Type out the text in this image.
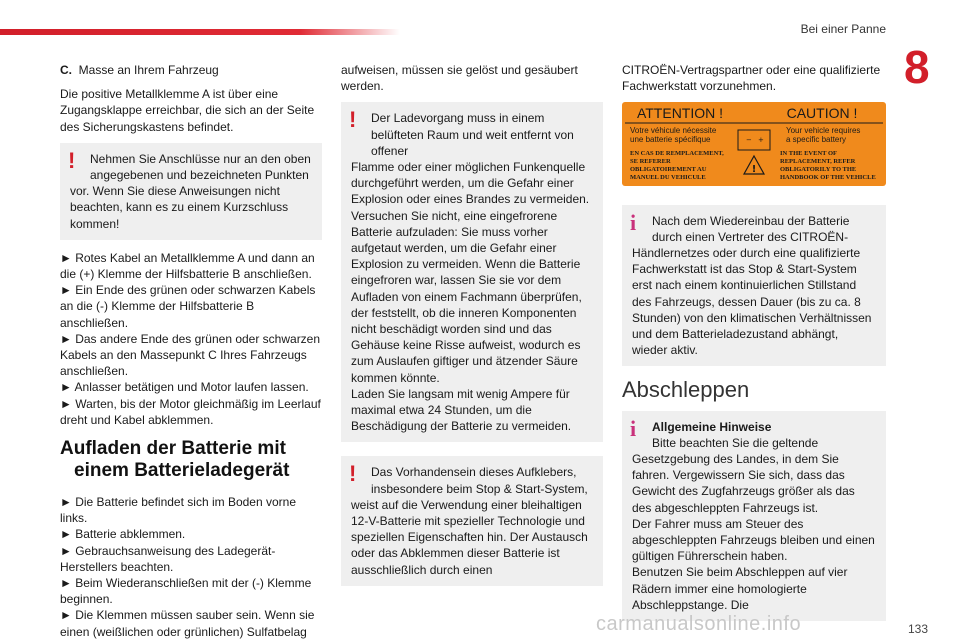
Bei einer Panne
8

C. Masse an Ihrem Fahrzeug

Die positive Metallklemme A ist über eine Zugangsklappe erreichbar, die sich an der Seite des Sicherungskastens befindet.

! Nehmen Sie Anschlüsse nur an den oben angegebenen und bezeichneten Punkten
vor. Wenn Sie diese Anweisungen nicht beachten, kann es zu einem Kurzschluss kommen!

► Rotes Kabel an Metallklemme A und dann an die (+) Klemme der Hilfsbatterie B anschließen.

► Ein Ende des grünen oder schwarzen Kabels an die (-) Klemme der Hilfsbatterie B anschließen.

► Das andere Ende des grünen oder schwarzen Kabels an den Massepunkt C Ihres Fahrzeugs anschließen.

► Anlasser betätigen und Motor laufen lassen.

► Warten, bis der Motor gleichmäßig im Leerlauf dreht und Kabel abklemmen.

Aufladen der Batterie mit
einem Batterieladegerät

► Die Batterie befindet sich im Boden vorne links.

► Batterie abklemmen.

► Gebrauchsanweisung des Ladegerät-Herstellers beachten.

► Beim Wiederanschließen mit der (-) Klemme beginnen.

► Die Klemmen müssen sauber sein. Wenn sie einen (weißlichen oder grünlichen) Sulfatbelag

aufweisen, müssen sie gelöst und gesäubert werden.

! Der Ladevorgang muss in einem belüfteten Raum und weit entfernt von offener
Flamme oder einer möglichen Funkenquelle durchgeführt werden, um die Gefahr einer Explosion oder eines Brandes zu vermeiden. Versuchen Sie nicht, eine eingefrorene Batterie aufzuladen: Sie muss vorher aufgetaut werden, um die Gefahr einer Explosion zu vermeiden. Wenn die Batterie eingefroren war, lassen Sie sie vor dem Aufladen von einem Fachmann überprüfen, der feststellt, ob die inneren Komponenten nicht beschädigt worden sind und das Gehäuse keine Risse aufweist, wodurch es zum Auslaufen giftiger und ätzender Säure kommen könnte.
Laden Sie langsam mit wenig Ampere für maximal etwa 24 Stunden, um die Beschädigung der Batterie zu vermeiden.
! Das Vorhandensein dieses Aufklebers, insbesondere beim Stop & Start-System,
weist auf die Verwendung einer bleihaltigen 12-V-Batterie mit spezieller Technologie und speziellen Eigenschaften hin. Der Austausch oder das Abklemmen dieser Batterie ist ausschließlich durch einen

CITROËN-Vertragspartner oder eine qualifizierte Fachwerkstatt vorzunehmen.

ATTENTION !	CAUTION !
Votre véhicule nécessite
une batterie spécifique
Your vehicle requires
a specific battery
− +
!
EN CAS DE REMPLACEMENT,
SE REFERER
OBLIGATOIREMENT AU
MANUEL DU VEHICULE
IN THE EVENT OF
REPLACEMENT, REFER
OBLIGATORILY TO THE
HANDBOOK OF THE VEHICLE
i	Nach dem Wiedereinbau der Batterie durch einen Vertreter des CITROËN-
Händlernetzes oder durch eine qualifizierte Fachwerkstatt ist das Stop & Start-System erst nach einem kontinuierlichen Stillstand des Fahrzeugs, dessen Dauer (bis zu ca. 8 Stunden) von den klimatischen Verhältnissen und dem Batterieladezustand abhängt, wieder aktiv.
Abschleppen
i	Allgemeine Hinweise
Bitte beachten Sie die geltende
Gesetzgebung des Landes, in dem Sie fahren. Vergewissern Sie sich, dass das Gewicht des Zugfahrzeugs größer als das des abgeschleppten Fahrzeugs ist.
Der Fahrer muss am Steuer des abgeschleppten Fahrzeugs bleiben und einen gültigen Führerschein haben.
Benutzen Sie beim Abschleppen auf vier Rädern immer eine homologierte Abschleppstange. Die
carmanualsonline.info	133
